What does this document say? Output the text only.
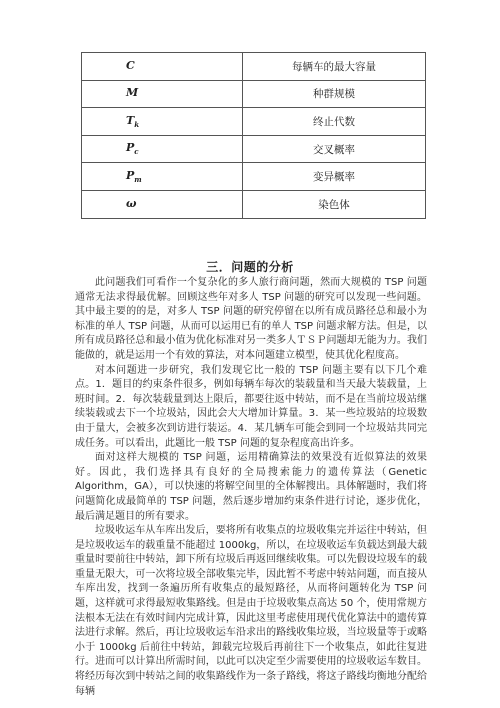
C	每辆车的最大容量
M	种群规模
$T_k$	终止代数
$P_c$	交叉概率
$P_m$	变异概率
ω	染色体
三．问题的分析

此问题我们可看作一个复杂化的多人旅行商问题，然而大规模的 TSP 问题通常无法求得最优解。回顾这些年对多人 TSP 问题的研究可以发现一些问题。其中最主要的的是，对多人 TSP 问题的研究停留在以所有成员路径总和最小为标准的单人 TSP 问题，从而可以运用已有的单人 TSP 问题求解方法。但是，以所有成员路径总和最小值为优化标准对另一类多人ＴＳＰ问题却无能为力。我们能做的，就是运用一个有效的算法，对本问题建立模型，使其优化程度高。

对本问题进一步研究，我们发现它比一般的 TSP 问题主要有以下几个难点。1．题目的约束条件很多，例如每辆车每次的装载量和当天最大装载量，上班时间。2．每次装载量到达上限后，都要往返中转站，而不是在当前垃圾站继续装载或去下一个垃圾站，因此会大大增加计算量。3．某一些垃圾站的垃圾数由于量大，会被多次到访进行装运。4．某几辆车可能会到同一个垃圾站共同完成任务。可以看出，此题比一般 TSP 问题的复杂程度高出许多。

面对这样大规模的 TSP 问题，运用精确算法的效果没有近似算法的效果好。因此，我们选择具有良好的全局搜索能力的遗传算法（Genetic Algorithm，GA），可以快速的将解空间里的全体解搜出。具体解题时，我们将问题简化成最简单的 TSP 问题，然后逐步增加约束条件进行讨论，逐步优化，最后满足题目的所有要求。

垃圾收运车从车库出发后，要将所有收集点的垃圾收集完并运往中转站，但是垃圾收运车的载重量不能超过 1000kg，所以，在垃圾收运车负载达到最大载重量时要前往中转站，卸下所有垃圾后再返回继续收集。可以先假设垃圾车的载重量无限大，可一次将垃圾全部收集完毕，因此暂不考虑中转站问题，而直接从车库出发，找到一条遍历所有收集点的最短路径，从而将问题转化为 TSP 问题，这样就可求得最短收集路线。但是由于垃圾收集点高达 50 个，使用常规方法根本无法在有效时间内完成计算，因此这里考虑使用现代优化算法中的遗传算法进行求解。然后，再让垃圾收运车沿求出的路线收集垃圾，当垃圾量等于或略小于 1000kg 后前往中转站，卸载完垃圾后再前往下一个收集点，如此往复进行。进而可以计算出所需时间，以此可以决定至少需要使用的垃圾收运车数目。将经历每次到中转站之间的收集路线作为一条子路线，将这子路线均衡地分配给每辆
